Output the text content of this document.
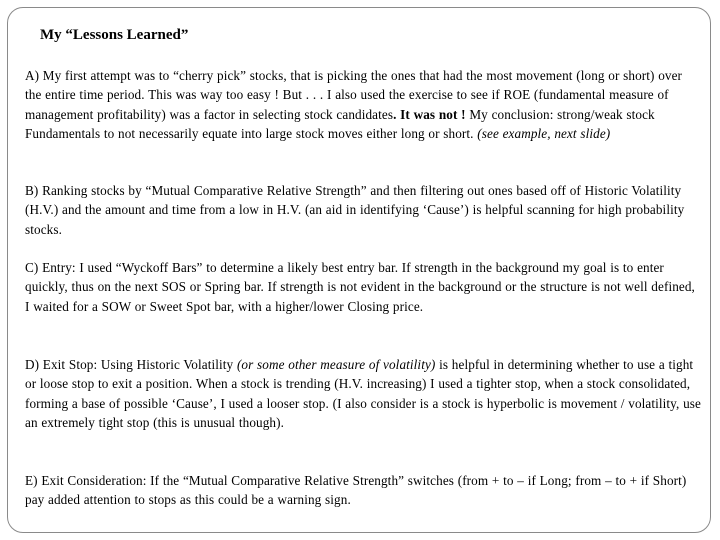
My “Lessons Learned”
A) My first attempt was to “cherry pick” stocks, that is picking the ones that had the most movement (long or short) over the entire time period. This was way too easy ! But . . . I also used the exercise to see if ROE (fundamental measure of management profitability) was a factor in selecting stock candidates. It was not ! My conclusion: strong/weak stock Fundamentals to not necessarily equate into large stock moves either long or short. (see example, next slide)
B) Ranking stocks by “Mutual Comparative Relative Strength” and then filtering out ones based off of Historic Volatility (H.V.) and the amount and time from a low in H.V. (an aid in identifying ‘Cause’) is helpful scanning for high probability stocks.
C) Entry: I used “Wyckoff Bars” to determine a likely best entry bar. If strength in the background my goal is to enter quickly, thus on the next SOS or Spring bar. If strength is not evident in the background or the structure is not well defined, I waited for a SOW or Sweet Spot bar, with a higher/lower Closing price.
D) Exit Stop: Using Historic Volatility (or some other measure of volatility) is helpful in determining whether to use a tight or loose stop to exit a position. When a stock is trending (H.V. increasing) I used a tighter stop, when a stock consolidated, forming a base of possible ‘Cause’, I used a looser stop. (I also consider is a stock is hyperbolic is movement / volatility, use an extremely tight stop (this is unusual though).
E) Exit Consideration: If the “Mutual Comparative Relative Strength” switches (from + to – if Long; from – to + if Short) pay added attention to stops as this could be a warning sign.
